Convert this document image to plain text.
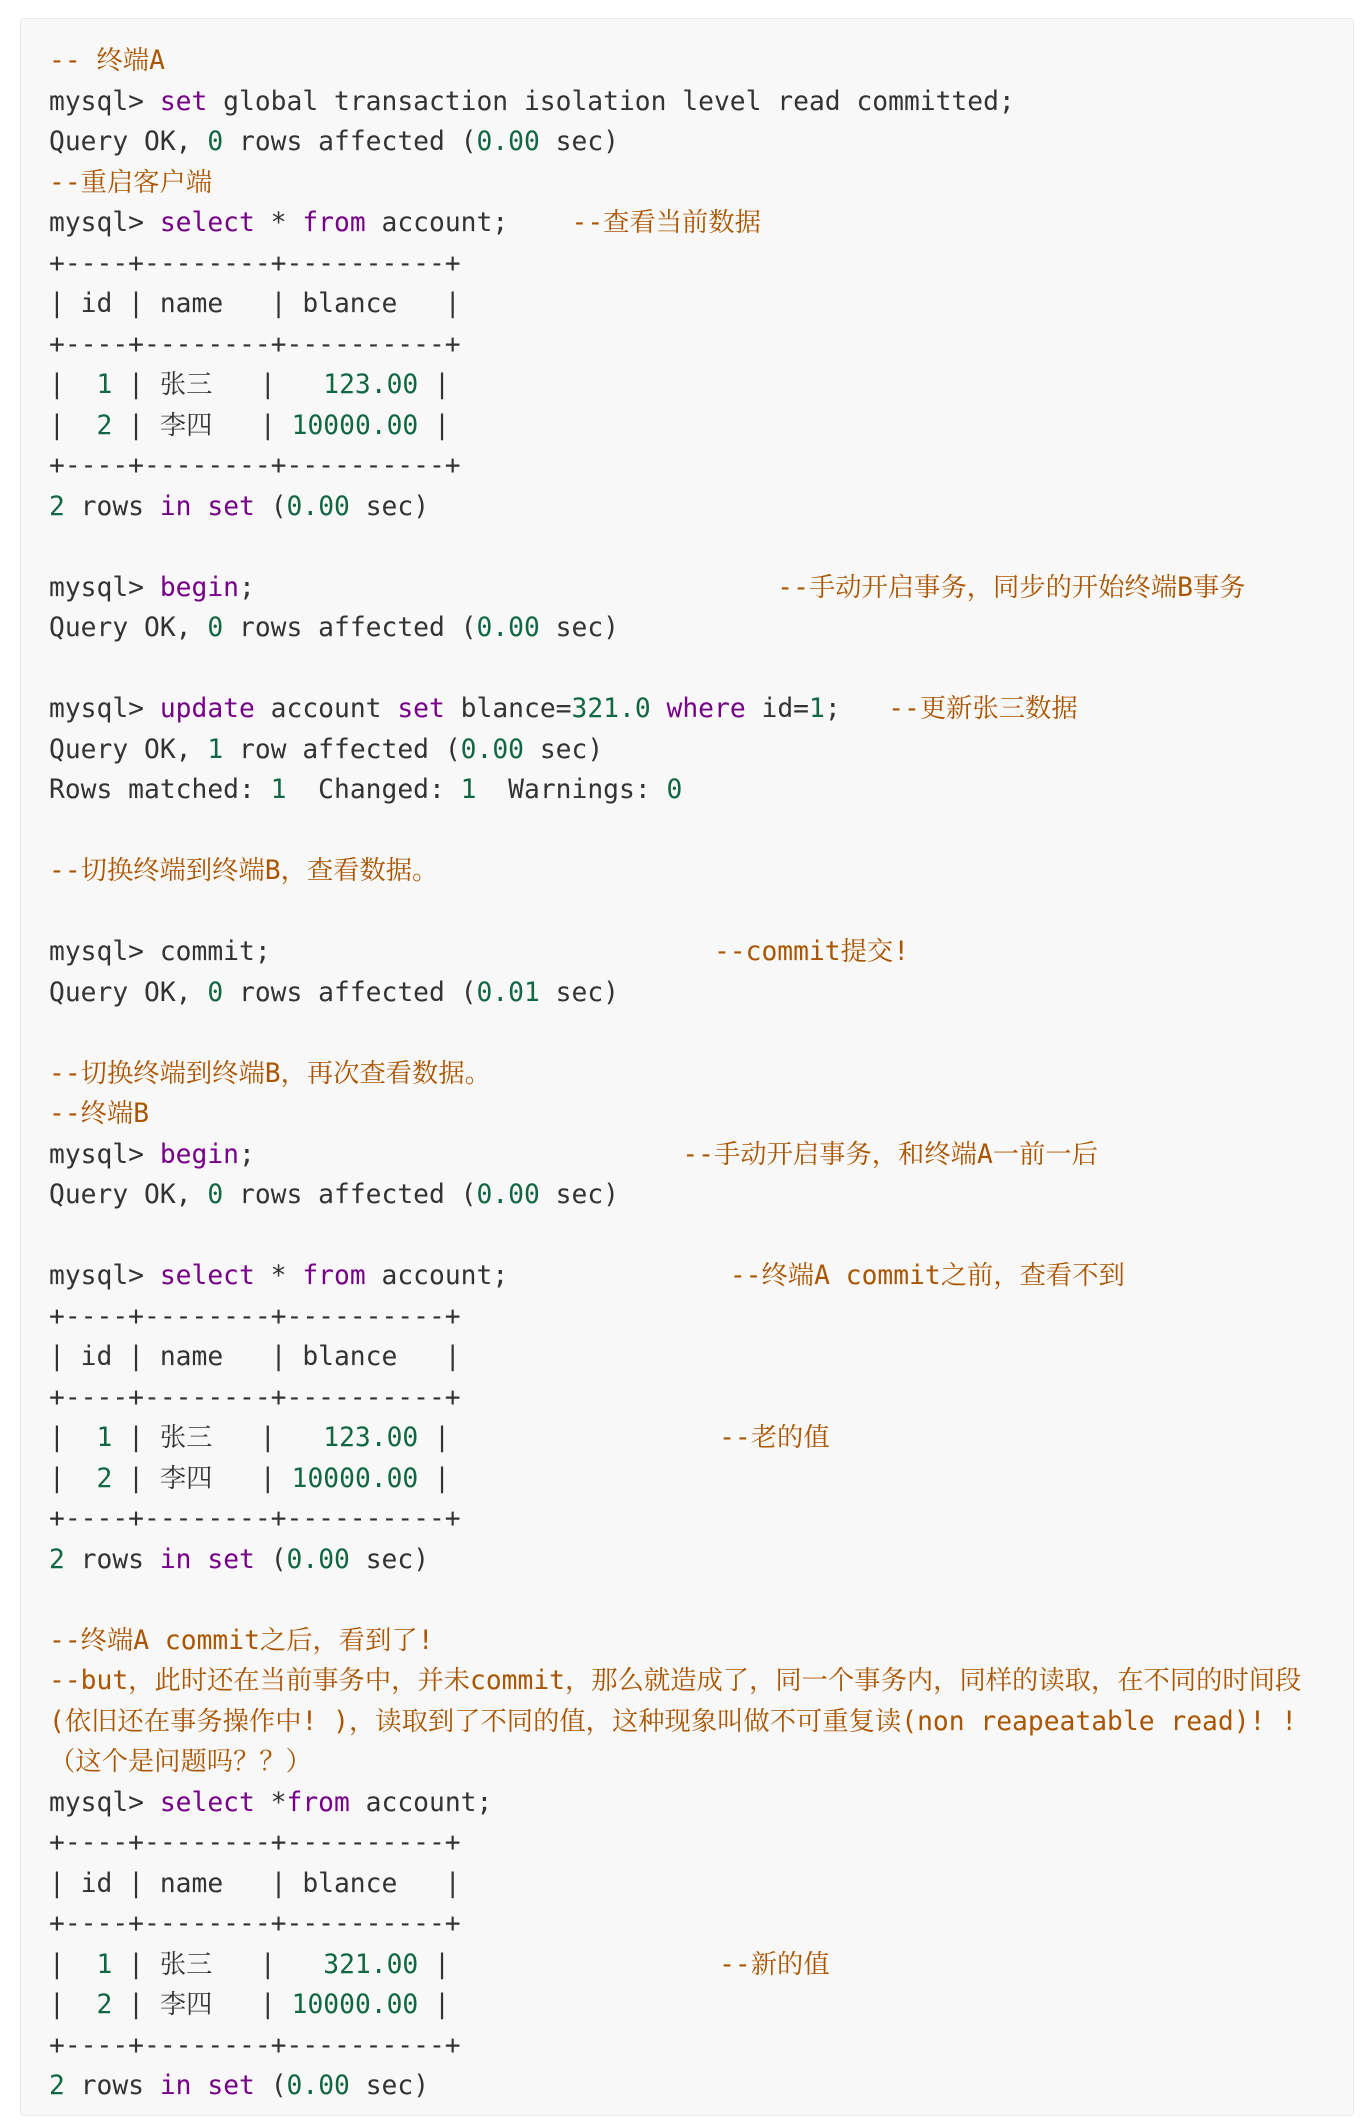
-- 终端A
mysql> set global transaction isolation level read committed;
Query OK, 0 rows affected (0.00 sec)
--重启客户端
mysql> select * from account;    --查看当前数据
+----+--------+----------+
| id | name   | blance   |
+----+--------+----------+
|  1 | 张三   |   123.00 |
|  2 | 李四   | 10000.00 |
+----+--------+----------+
2 rows in set (0.00 sec)

mysql> begin;                                 --手动开启事务，同步的开始终端B事务
Query OK, 0 rows affected (0.00 sec)

mysql> update account set blance=321.0 where id=1;   --更新张三数据
Query OK, 1 row affected (0.00 sec)
Rows matched: 1  Changed: 1  Warnings: 0

--切换终端到终端B，查看数据。

mysql> commit;                            --commit提交!
Query OK, 0 rows affected (0.01 sec)

--切换终端到终端B，再次查看数据。
--终端B
mysql> begin;                           --手动开启事务，和终端A一前一后
Query OK, 0 rows affected (0.00 sec)

mysql> select * from account;              --终端A commit之前，查看不到
+----+--------+----------+
| id | name   | blance   |
+----+--------+----------+
|  1 | 张三   |   123.00 |                 --老的值
|  2 | 李四   | 10000.00 |
+----+--------+----------+
2 rows in set (0.00 sec)

--终端A commit之后，看到了!
--but，此时还在当前事务中，并未commit，那么就造成了，同一个事务内，同样的读取，在不同的时间段
(依旧还在事务操作中! )，读取到了不同的值，这种现象叫做不可重复读(non reapeatable read)! !
（这个是问题吗？？）
mysql> select *from account;
+----+--------+----------+
| id | name   | blance   |
+----+--------+----------+
|  1 | 张三   |   321.00 |                 --新的值
|  2 | 李四   | 10000.00 |
+----+--------+----------+
2 rows in set (0.00 sec)
